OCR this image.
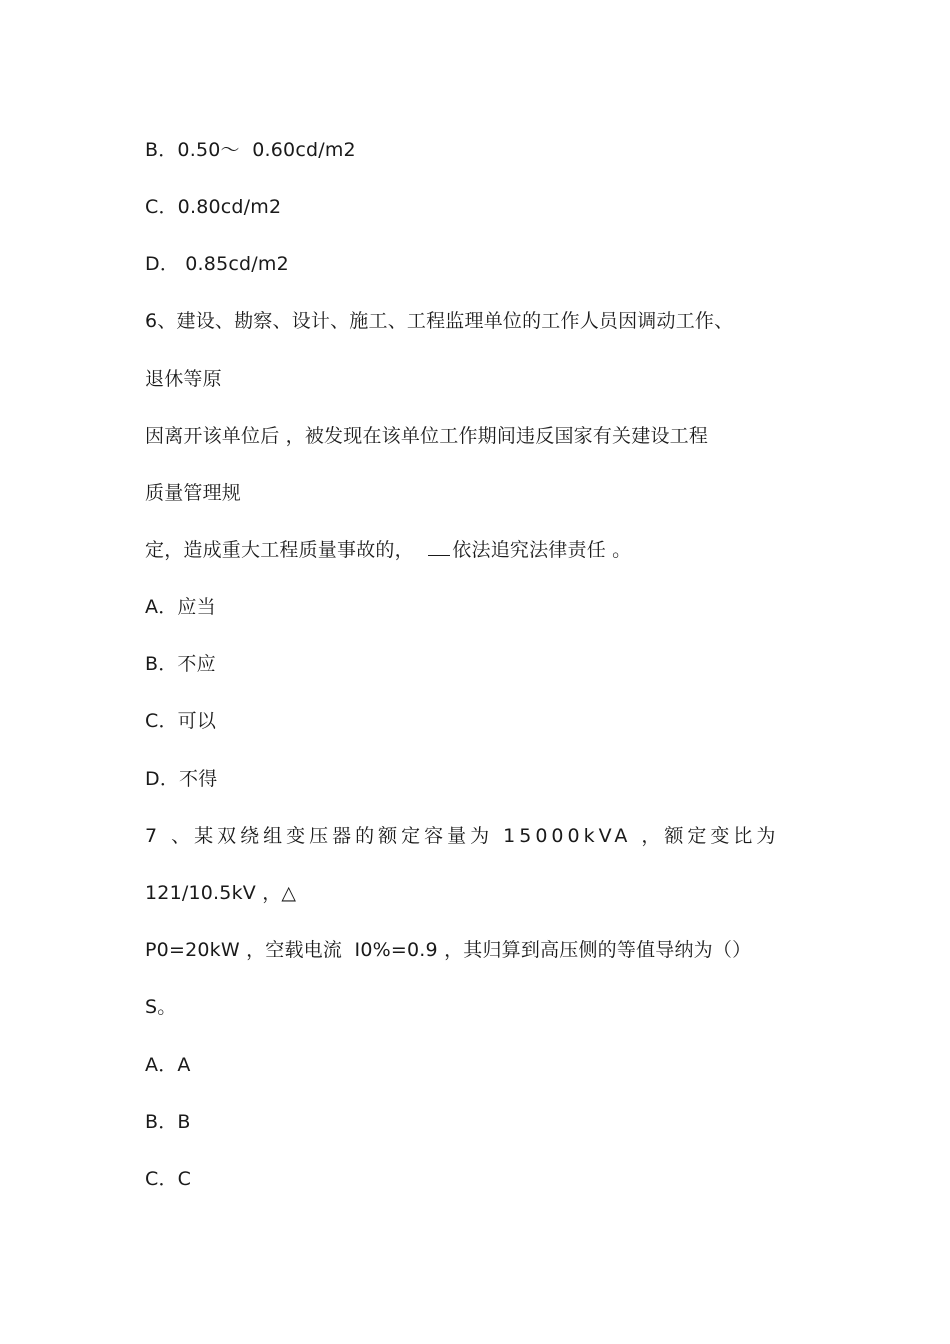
B．0.50～  0.60cd/m2
C．0.80cd/m2
D． 0.85cd/m2
6、建设、勘察、设计、施工、工程监理单位的工作人员因调动工作、
退休等原
因离开该单位后 ，被发现在该单位工作期间违反国家有关建设工程
质量管理规
定，造成重大工程质量事故的， 依法追究法律责任 。
A．应当
B．不应
C．可以
D．不得
7 、某双绕组变压器的额定容量为 15000kVA ，额定变比为
121/10.5kV ，△
P0=20kW ，空载电流  I0%=0.9 ，其归算到高压侧的等值导纳为（）
S。
A．A
B．B
C．C
